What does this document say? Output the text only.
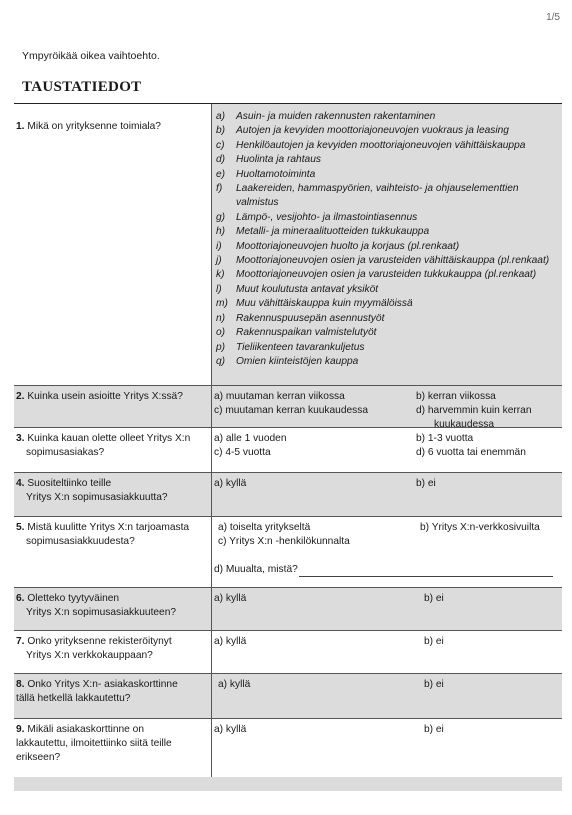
1/5
Ympyröikää oikea vaihtoehto.
TAUSTATIEDOT
1. Mikä on yrityksenne toimiala?
a)	Asuin- ja muiden rakennusten rakentaminen
b)	Autojen ja kevyiden moottoriajoneuvojen vuokraus ja leasing
c)	Henkilöautojen ja kevyiden moottoriajoneuvojen vähittäiskauppa
d)	Huolinta ja rahtaus
e)	Huoltamotoiminta
f)	Laakereiden, hammaspyörien, vaihteisto- ja ohjauselementtien valmistus
g)	Lämpö-, vesijohto- ja ilmastointiasennus
h)	Metalli- ja mineraalituotteiden tukkukauppa
i)	Moottoriajoneuvojen huolto ja korjaus (pl.renkaat)
j)	Moottoriajoneuvojen osien ja varusteiden vähittäiskauppa (pl.renkaat)
k)	Moottoriajoneuvojen osien ja varusteiden tukkukauppa (pl.renkaat)
l)	Muut koulutusta antavat yksiköt
m) Muu vähittäiskauppa kuin myymälöissä
n)	Rakennuspuusepän asennustyöt
o)	Rakennuspaikan valmistelutyöt
p)	Tieliikenteen tavarankuljetus
q)	Omien kiinteistöjen kauppa
2. Kuinka usein asioitte Yritys X:ssä?	a) muutaman kerran viikossa	b) kerran viikossa
c) muutaman kerran kuukaudessa	d) harvemmin kuin kerran
kuukaudessa
3. Kuinka kauan olette olleet Yritys X:n
sopimusasiakas?
a) alle 1 vuoden	b) 1-3 vuotta
c) 4-5 vuotta	d) 6 vuotta tai enemmän
4. Suositeltiinko teille
Yritys X:n sopimusasiakkuutta?
a) kyllä	b) ei
5. Mistä kuulitte Yritys X:n tarjoamasta
sopimusasiakkuudesta?
a) toiselta yritykseltä	b) Yritys X:n-verkkosivuilta
c) Yritys X:n -henkilökunnalta
d) Muualta, mistä?
6. Oletteko tyytyväinen
Yritys X:n sopimusasiakkuuteen?
a) kyllä	b) ei
7. Onko yrityksenne rekisteröitynyt
Yritys X:n verkkokauppaan?
a) kyllä	b) ei
8. Onko Yritys X:n- asiakaskorttinne
tällä hetkellä lakkautettu?
a) kyllä	b) ei
9. Mikäli asiakaskorttinne on
lakkautettu, ilmoitettiinko siitä teille
erikseen?
a) kyllä	b) ei
